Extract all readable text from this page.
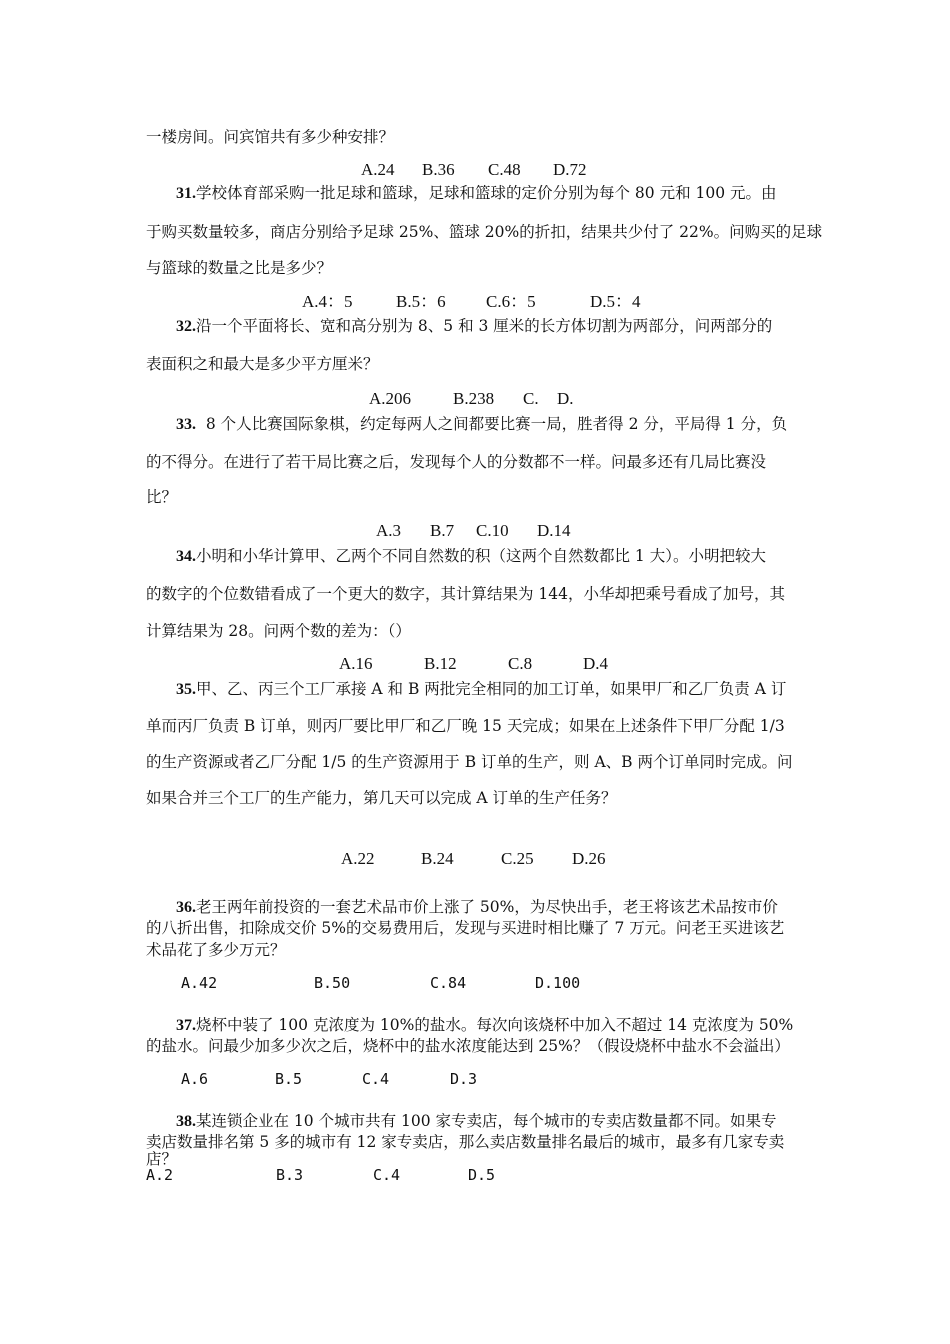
一楼房间。问宾馆共有多少种安排？
A.24 B.36 C.48 D.72
31.学校体育部采购一批足球和篮球，足球和篮球的定价分别为每个 80 元和 100 元。由
于购买数量较多，商店分别给予足球 25%、篮球 20%的折扣，结果共少付了 22%。问购买的足球
与篮球的数量之比是多少？
A.4：5	B.5：6 C.6：5	D.5：4
32.沿一个平面将长、宽和高分别为 8、5 和 3 厘米的长方体切割为两部分，问两部分的
表面积之和最大是多少平方厘米？
A.206 B.238 C. D.
33. 8 个人比赛国际象棋，约定每两人之间都要比赛一局，胜者得 2 分，平局得 1 分，负
的不得分。在进行了若干局比赛之后，发现每个人的分数都不一样。问最多还有几局比赛没
比？
A.3 B.7 C.10 D.14
34.小明和小华计算甲、乙两个不同自然数的积（这两个自然数都比 1 大）。小明把较大
的数字的个位数错看成了一个更大的数字，其计算结果为 144，小华却把乘号看成了加号，其
计算结果为 28。问两个数的差为：（）
A.16	B.12	C.8	D.4
35.甲、乙、丙三个工厂承接 A 和 B 两批完全相同的加工订单，如果甲厂和乙厂负责 A 订
单而丙厂负责 B 订单，则丙厂要比甲厂和乙厂晚 15 天完成；如果在上述条件下甲厂分配 1/3
的生产资源或者乙厂分配 1/5 的生产资源用于 B 订单的生产，则 A、B 两个订单同时完成。问
如果合并三个工厂的生产能力，第几天可以完成 A 订单的生产任务？
A.22	B.24	C.25 D.26
36.老王两年前投资的一套艺术品市价上涨了 50%，为尽快出手，老王将该艺术品按市价
的八折出售，扣除成交价 5%的交易费用后，发现与买进时相比赚了 7 万元。问老王买进该艺
术品花了多少万元？
A.42	B.50	C.84	D.100
37.烧杯中装了 100 克浓度为 10%的盐水。每次向该烧杯中加入不超过 14 克浓度为 50%
的盐水。问最少加多少次之后，烧杯中的盐水浓度能达到 25%？（假设烧杯中盐水不会溢出）
A.6	B.5	C.4	D.3
38.某连锁企业在 10 个城市共有 100 家专卖店，每个城市的专卖店数量都不同。如果专
卖店数量排名第 5 多的城市有 12 家专卖店，那么卖店数量排名最后的城市，最多有几家专卖
店？
A.2	B.3	C.4	D.5
